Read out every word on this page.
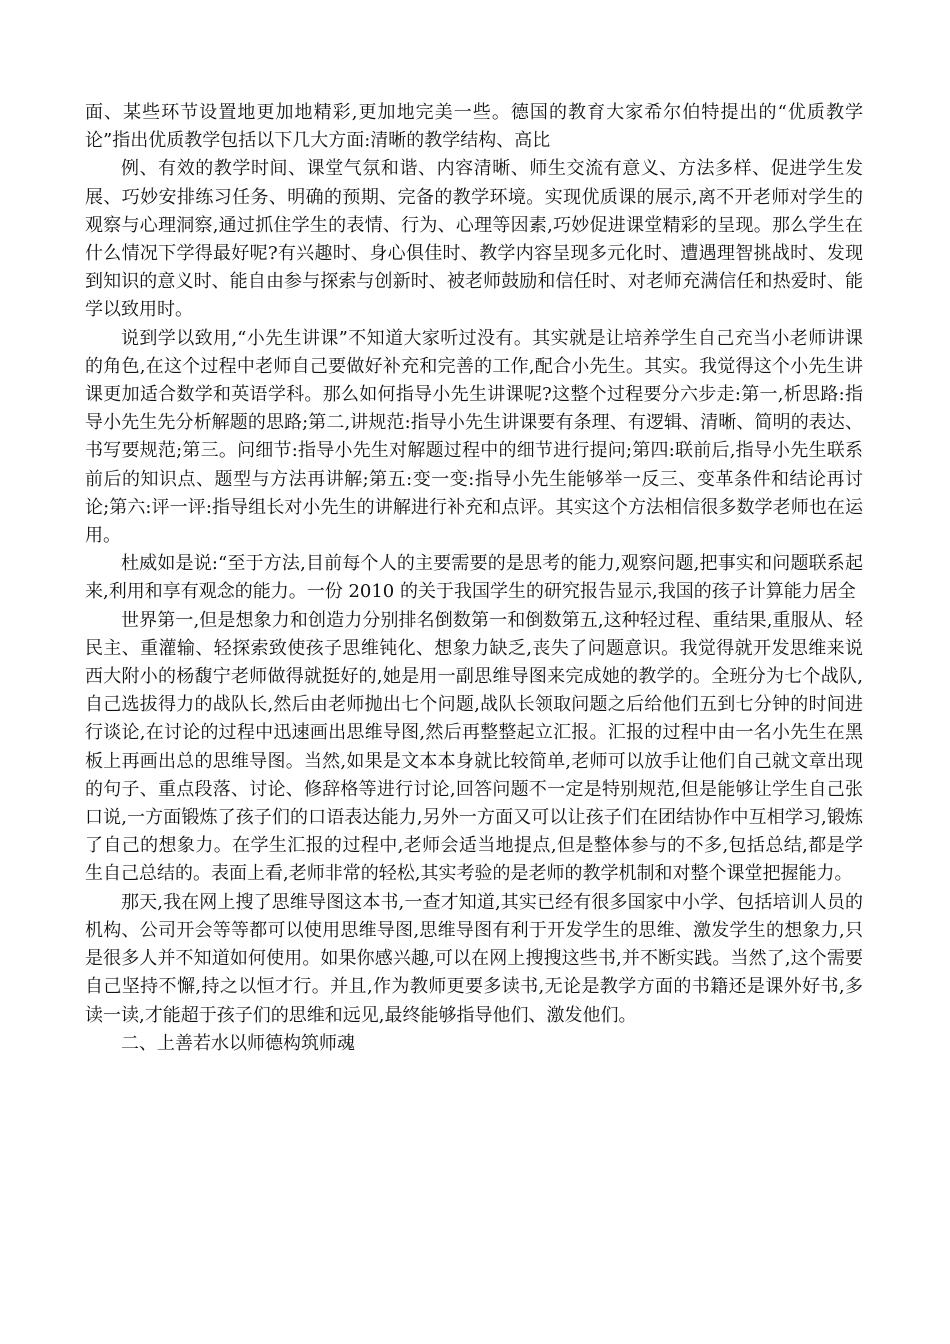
面、某些环节设置地更加地精彩,更加地完美一些。德国的教育大家希尔伯特提出的“优质教学论”指出优质教学包括以下几大方面:清晰的教学结构、高比

例、有效的教学时间、课堂气氛和谐、内容清晰、师生交流有意义、方法多样、促进学生发展、巧妙安排练习任务、明确的预期、完备的教学环境。实现优质课的展示,离不开老师对学生的观察与心理洞察,通过抓住学生的表情、行为、心理等因素,巧妙促进课堂精彩的呈现。那么学生在什么情况下学得最好呢?有兴趣时、身心俱佳时、教学内容呈现多元化时、遭遇理智挑战时、发现到知识的意义时、能自由参与探索与创新时、被老师鼓励和信任时、对老师充满信任和热爱时、能学以致用时。

说到学以致用,“小先生讲课”不知道大家听过没有。其实就是让培养学生自己充当小老师讲课的角色,在这个过程中老师自己要做好补充和完善的工作,配合小先生。其实。我觉得这个小先生讲课更加适合数学和英语学科。那么如何指导小先生讲课呢?这整个过程要分六步走:第一,析思路:指导小先生先分析解题的思路;第二,讲规范:指导小先生讲课要有条理、有逻辑、清晰、简明的表达、书写要规范;第三。问细节:指导小先生对解题过程中的细节进行提问;第四:联前后,指导小先生联系前后的知识点、题型与方法再讲解;第五:变一变:指导小先生能够举一反三、变革条件和结论再讨论;第六:评一评:指导组长对小先生的讲解进行补充和点评。其实这个方法相信很多数学老师也在运用。

杜威如是说:“至于方法,目前每个人的主要需要的是思考的能力,观察问题,把事实和问题联系起来,利用和享有观念的能力。一份 2010 的关于我国学生的研究报告显示,我国的孩子计算能力居全

世界第一,但是想象力和创造力分别排名倒数第一和倒数第五,这种轻过程、重结果,重服从、轻民主、重灌输、轻探索致使孩子思维钝化、想象力缺乏,丧失了问题意识。我觉得就开发思维来说西大附小的杨馥宁老师做得就挺好的,她是用一副思维导图来完成她的教学的。全班分为七个战队,自己选拔得力的战队长,然后由老师抛出七个问题,战队长领取问题之后给他们五到七分钟的时间进行谈论,在讨论的过程中迅速画出思维导图,然后再整整起立汇报。汇报的过程中由一名小先生在黑板上再画出总的思维导图。当然,如果是文本本身就比较简单,老师可以放手让他们自己就文章出现的句子、重点段落、讨论、修辞格等进行讨论,回答问题不一定是特别规范,但是能够让学生自己张口说,一方面锻炼了孩子们的口语表达能力,另外一方面又可以让孩子们在团结协作中互相学习,锻炼了自己的想象力。在学生汇报的过程中,老师会适当地提点,但是整体参与的不多,包括总结,都是学生自己总结的。表面上看,老师非常的轻松,其实考验的是老师的教学机制和对整个课堂把握能力。

那天,我在网上搜了思维导图这本书,一查才知道,其实已经有很多国家中小学、包括培训人员的机构、公司开会等等都可以使用思维导图,思维导图有利于开发学生的思维、激发学生的想象力,只是很多人并不知道如何使用。如果你感兴趣,可以在网上搜搜这些书,并不断实践。当然了,这个需要自己坚持不懈,持之以恒才行。并且,作为教师更要多读书,无论是教学方面的书籍还是课外好书,多读一读,才能超于孩子们的思维和远见,最终能够指导他们、激发他们。

二、上善若水以师德构筑师魂
